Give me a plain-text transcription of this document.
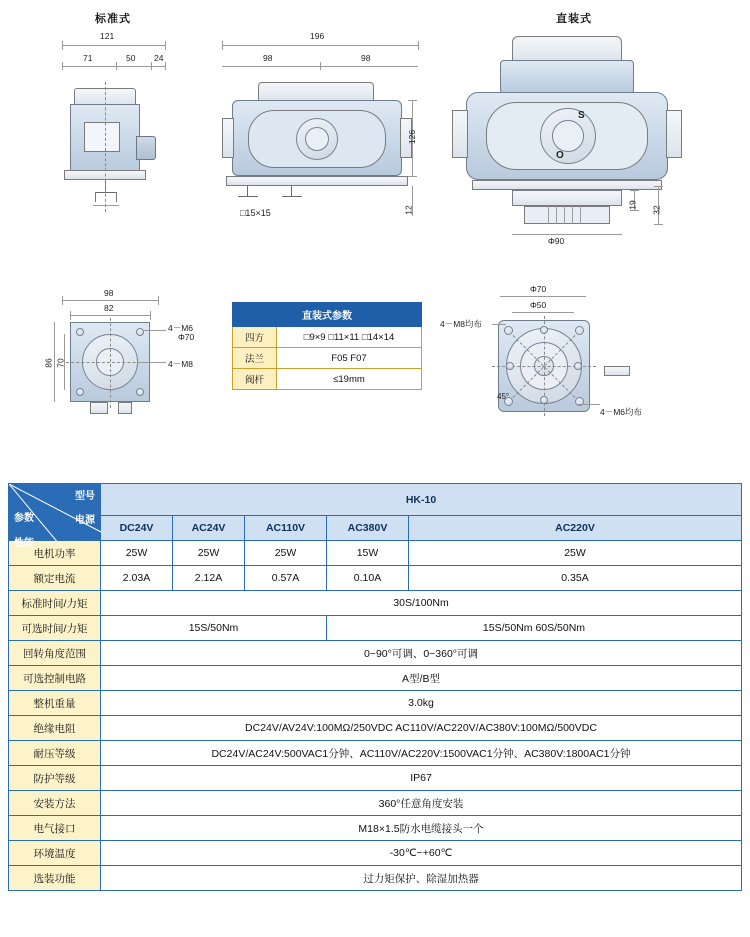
标准式	直装式
121
71	50 24
196
98	98
126
12
□15×15
S
O
Φ90
19
32
98
82
86 70
4－M6
Φ70
4－M8
Φ70
Φ50
4－M8均布
4－M6均布
45°
直装式参数	
四方	□9×9 □11×11 □14×14
法兰	F05 F07
阀杆	≤19mm
型号
电源
参数
性能	HK-10				
	DC24V	AC24V	AC110V	AC380V	AC220V
电机功率	25W	25W	25W	15W	25W
额定电流	2.03A	2.12A	0.57A	0.10A	0.35A
标准时间/力矩	30S/100Nm				
可选时间/力矩	15S/50Nm			15S/50Nm 60S/50Nm	
回转角度范围	0~90°可调、0~360°可调				
可选控制电路	A型/B型				
整机重量	3.0kg				
绝缘电阻	DC24V/AV24V:100MΩ/250VDC AC110V/AC220V/AC380V:100MΩ/500VDC				
耐压等级	DC24V/AC24V:500VAC1分钟、AC110V/AC220V:1500VAC1分钟、AC380V:1800AC1分钟				
防护等级	IP67				
安装方法	360°任意角度安装				
电气接口	M18×1.5防水电缆接头一个				
环境温度	-30℃~+60℃				
选装功能	过力矩保护、除湿加热器				
